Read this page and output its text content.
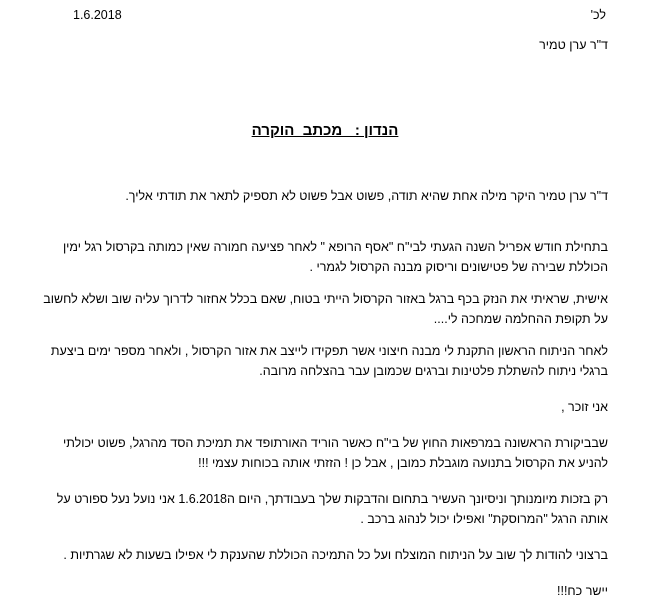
1.6.2018	לכ'
ד"ר ערן טמיר
הנדון :   מכתב  הוקרה

ד"ר ערן טמיר היקר מילה אחת שהיא תודה, פשוט אבל פשוט לא תספיק לתאר את תודתי אליך.

בתחילת חודש אפריל השנה הגעתי לבי"ח "אסף הרופא " לאחר פציעה חמורה שאין כמותה בקרסול רגל ימין הכוללת שבירה של פטישונים וריסוק מבנה הקרסול לגמרי .

אישית, שראיתי את הנזק בכף ברגל באזור הקרסול הייתי בטוח, שאם בכלל אחזור לדרוך עליה שוב ושלא לחשוב על תקופת ההחלמה שמחכה לי....

לאחר הניתוח הראשון התקנת לי מבנה חיצוני אשר תפקידו לייצב את אזור הקרסול , ולאחר מספר ימים ביצעת ברגלי ניתוח להשתלת פלטינות וברגים שכמובן עבר בהצלחה מרובה.

אני זוכר ,

שבביקורת הראשונה במרפאות החוץ של בי"ח כאשר הוריד האורתופד את תמיכת הסד מהרגל, פשוט יכולתי להניע את הקרסול בתנועה מוגבלת כמובן , אבל כן ! הזזתי אותה בכוחות עצמי !!!

רק בזכות מיומנותך וניסיונך העשיר בתחום והדבקות שלך בעבודתך, היום ה1.6.2018 אני נועל נעל ספורט על אותה הרגל "המרוסקת" ואפילו יכול לנהוג ברכב .

ברצוני להודות לך שוב על הניתוח המוצלח ועל כל התמיכה הכוללת שהענקת לי אפילו בשעות לא שגרתיות .

יישר כח!!!
